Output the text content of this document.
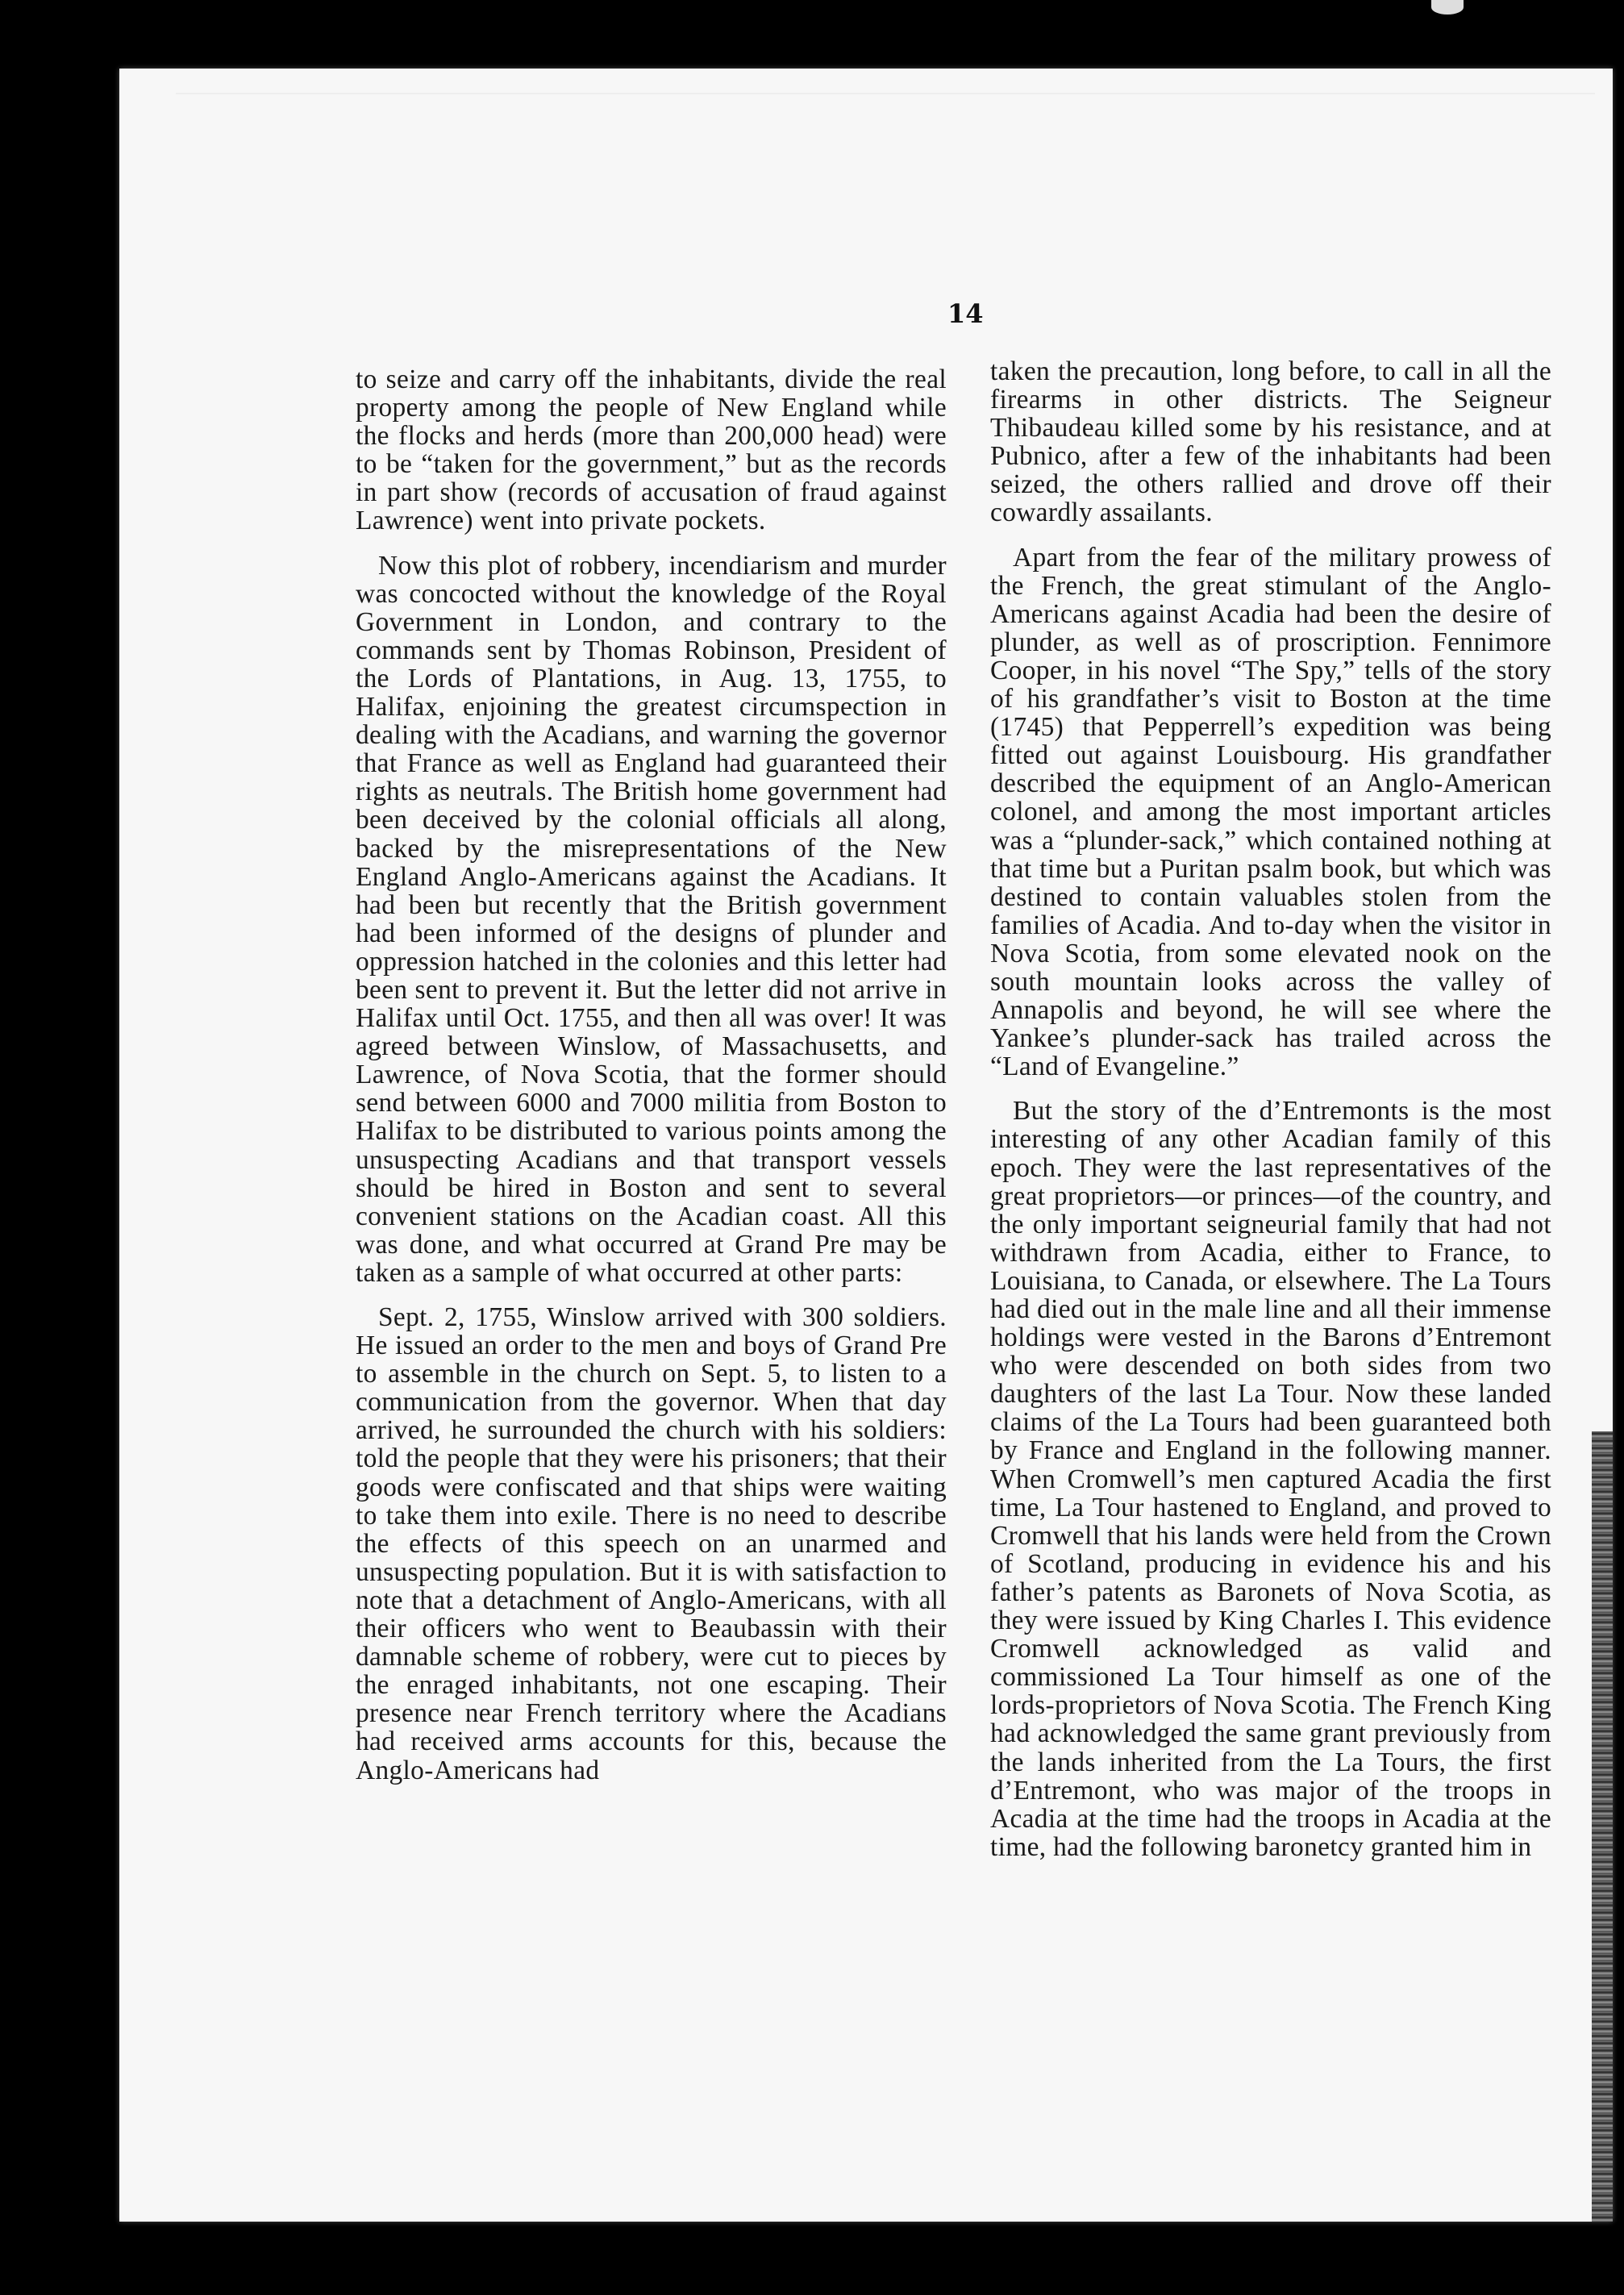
14

to seize and carry off the inhabitants, divide the real property among the people of New England while the flocks and herds (more than 200,000 head) were to be “taken for the government,” but as the records in part show (records of accusation of fraud against Lawrence) went into private pockets.

Now this plot of robbery, incendiarism and murder was concocted without the knowledge of the Royal Government in London, and contrary to the commands sent by Thomas Robinson, President of the Lords of Plantations, in Aug. 13, 1755, to Halifax, enjoining the greatest circumspection in dealing with the Acadians, and warning the governor that France as well as England had guaranteed their rights as neutrals. The British home government had been deceived by the colonial officials all along, backed by the misrepresentations of the New England Anglo-Americans against the Acadians. It had been but recently that the British government had been informed of the designs of plunder and oppression hatched in the colonies and this letter had been sent to prevent it. But the letter did not arrive in Halifax until Oct. 1755, and then all was over! It was agreed between Winslow, of Massachusetts, and Lawrence, of Nova Scotia, that the former should send between 6000 and 7000 militia from Boston to Halifax to be distributed to various points among the unsuspecting Acadians and that transport vessels should be hired in Boston and sent to several convenient stations on the Acadian coast. All this was done, and what occurred at Grand Pre may be taken as a sample of what occurred at other parts:

Sept. 2, 1755, Winslow arrived with 300 soldiers. He issued an order to the men and boys of Grand Pre to assemble in the church on Sept. 5, to listen to a communication from the governor. When that day arrived, he surrounded the church with his soldiers: told the people that they were his prisoners; that their goods were confiscated and that ships were waiting to take them into exile. There is no need to describe the effects of this speech on an unarmed and unsuspecting population. But it is with satisfaction to note that a detachment of Anglo-Americans, with all their officers who went to Beaubassin with their damnable scheme of robbery, were cut to pieces by the enraged inhabitants, not one escaping. Their presence near French territory where the Acadians had received arms accounts for this, because the Anglo-Americans had

taken the precaution, long before, to call in all the firearms in other districts. The Seigneur Thibaudeau killed some by his resistance, and at Pubnico, after a few of the inhabitants had been seized, the others rallied and drove off their cowardly assailants.

Apart from the fear of the military prowess of the French, the great stimulant of the Anglo-Americans against Acadia had been the desire of plunder, as well as of proscription. Fennimore Cooper, in his novel “The Spy,” tells of the story of his grandfather’s visit to Boston at the time (1745) that Pepperrell’s expedition was being fitted out against Louisbourg. His grandfather described the equipment of an Anglo-American colonel, and among the most important articles was a “plunder-sack,” which contained nothing at that time but a Puritan psalm book, but which was destined to contain valuables stolen from the families of Acadia. And to-day when the visitor in Nova Scotia, from some elevated nook on the south mountain looks across the valley of Annapolis and beyond, he will see where the Yankee’s plunder-sack has trailed across the “Land of Evangeline.”

But the story of the d’Entremonts is the most interesting of any other Acadian family of this epoch. They were the last representatives of the great proprietors—or princes—of the country, and the only important seigneurial family that had not withdrawn from Acadia, either to France, to Louisiana, to Canada, or elsewhere. The La Tours had died out in the male line and all their immense holdings were vested in the Barons d’Entremont who were descended on both sides from two daughters of the last La Tour. Now these landed claims of the La Tours had been guaranteed both by France and England in the following manner. When Cromwell’s men captured Acadia the first time, La Tour hastened to England, and proved to Cromwell that his lands were held from the Crown of Scotland, producing in evidence his and his father’s patents as Baronets of Nova Scotia, as they were issued by King Charles I. This evidence Cromwell acknowledged as valid and commissioned La Tour himself as one of the lords-proprietors of Nova Scotia. The French King had acknowledged the same grant previously from the lands inherited from the La Tours, the first d’Entremont, who was major of the troops in Acadia at the time had the troops in Acadia at the time, had the following baronetcy granted him in
